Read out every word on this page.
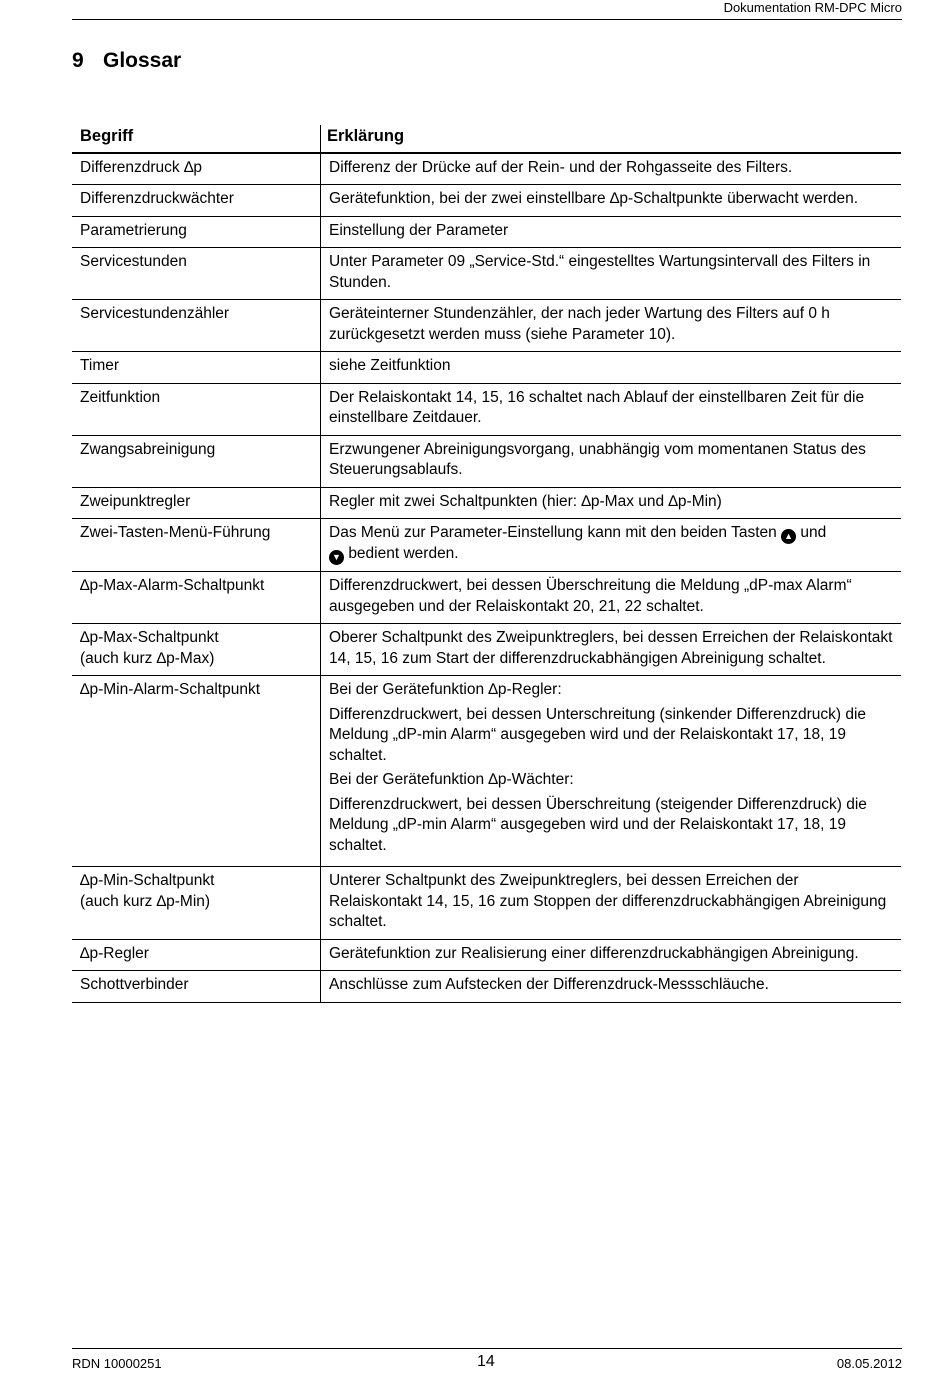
Dokumentation RM-DPC Micro
9 Glossar
Begriff	Erklärung
Differenzdruck ∆p	Differenz der Drücke auf der Rein- und der Rohgasseite des Filters.
Differenzdruckwächter	Gerätefunktion, bei der zwei einstellbare ∆p-Schaltpunkte überwacht werden.
Parametrierung	Einstellung der Parameter
Servicestunden	Unter Parameter 09 „Service-Std.“ eingestelltes Wartungsintervall des Filters in Stunden.
Servicestundenzähler	Geräteinterner Stundenzähler, der nach jeder Wartung des Filters auf 0 h zurückgesetzt werden muss (siehe Parameter 10).
Timer	siehe Zeitfunktion
Zeitfunktion	Der Relaiskontakt 14, 15, 16 schaltet nach Ablauf der einstellbaren Zeit für die einstellbare Zeitdauer.
Zwangsabreinigung	Erzwungener Abreinigungsvorgang, unabhängig vom momentanen Status des Steuerungsablaufs.
Zweipunktregler	Regler mit zwei Schaltpunkten (hier: ∆p-Max und ∆p-Min)
Zwei-Tasten-Menü-Führung	Das Menü zur Parameter-Einstellung kann mit den beiden Tasten ▲ und
▼ bedient werden.
∆p-Max-Alarm-Schaltpunkt	Differenzdruckwert, bei dessen Überschreitung die Meldung „dP-max Alarm“ ausgegeben und der Relaiskontakt 20, 21, 22 schaltet.

∆p-Max-Schaltpunkt
(auch kurz ∆p-Max)	Oberer Schaltpunkt des Zweipunktreglers, bei dessen Erreichen der Relaiskontakt 14, 15, 16 zum Start der differenzdruckabhängigen Abreinigung schaltet.
∆p-Min-Alarm-Schaltpunkt	Bei der Gerätefunktion ∆p-Regler:
Differenzdruckwert, bei dessen Unterschreitung (sinkender Differenzdruck) die Meldung „dP-min Alarm“ ausgegeben wird und der Relaiskontakt 17, 18, 19 schaltet.
Bei der Gerätefunktion ∆p-Wächter:
Differenzdruckwert, bei dessen Überschreitung (steigender Differenzdruck) die Meldung „dP-min Alarm“ ausgegeben wird und der Relaiskontakt 17, 18, 19 schaltet.

∆p-Min-Schaltpunkt
(auch kurz ∆p-Min)	Unterer Schaltpunkt des Zweipunktreglers, bei dessen Erreichen der Relaiskontakt 14, 15, 16 zum Stoppen der differenzdruckabhängigen Abreinigung schaltet.
∆p-Regler	Gerätefunktion zur Realisierung einer differenzdruckabhängigen Abreinigung.
Schottverbinder	Anschlüsse zum Aufstecken der Differenzdruck-Messschläuche.
RDN 10000251	14	08.05.2012
